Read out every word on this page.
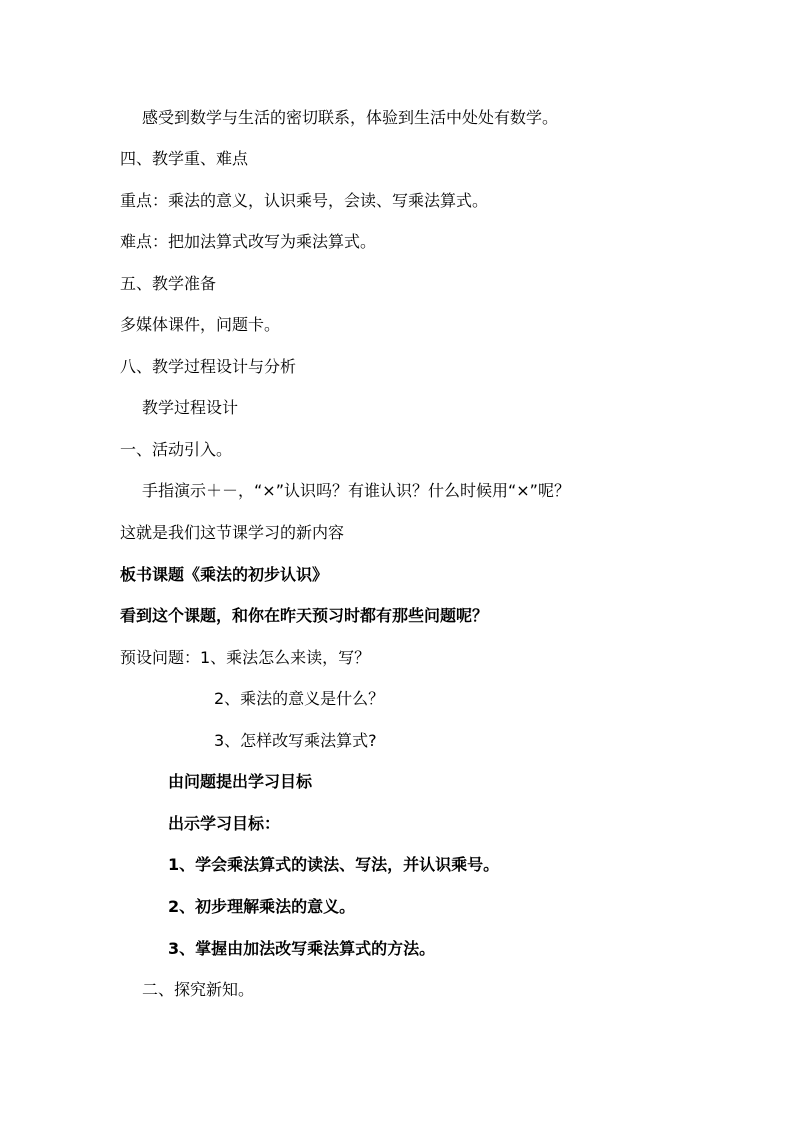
感受到数学与生活的密切联系，体验到生活中处处有数学。
四、教学重、难点
重点：乘法的意义，认识乘号，会读、写乘法算式。
难点：把加法算式改写为乘法算式。
五、教学准备
多媒体课件，问题卡。
八、教学过程设计与分析
教学过程设计
一、活动引入。
手指演示＋－，“×”认识吗？有谁认识？什么时候用“×”呢？
这就是我们这节课学习的新内容
板书课题《乘法的初步认识》
看到这个课题，和你在昨天预习时都有那些问题呢？
预设问题：1、乘法怎么来读，写？
2、乘法的意义是什么？
3、怎样改写乘法算式?
由问题提出学习目标
出示学习目标：
1、学会乘法算式的读法、写法，并认识乘号。
2、初步理解乘法的意义。
3、掌握由加法改写乘法算式的方法。
二、探究新知。
